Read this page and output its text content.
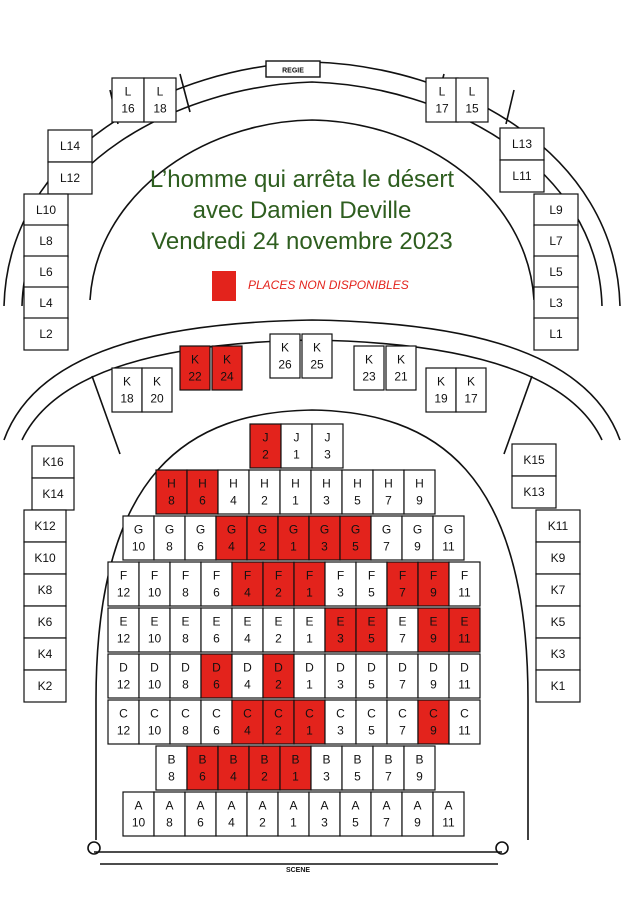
REGIE
SCENE
J
2
J
1
J
3
H
8
H
6
H
4
H
2
H
1
H
3
H
5
H
7
H
9
G
10
G
8
G
6
G
4
G
2
G
1
G
3
G
5
G
7
G
9
G
11
F
12
F
10
F
8
F
6
F
4
F
2
F
1
F
3
F
5
F
7
F
9
F
11
E
12
E
10
E
8
E
6
E
4
E
2
E
1
E
3
E
5
E
7
E
9
E
11
D
12
D
10
D
8
D
6
D
4
D
2
D
1
D
3
D
5
D
7
D
9
D
11
C
12
C
10
C
8
C
6
C
4
C
2
C
1
C
3
C
5
C
7
C
9
C
11
B
8
B
6
B
4
B
2
B
1
B
3
B
5
B
7
B
9
A
10
A
8
A
6
A
4
A
2
A
1
A
3
A
5
A
7
A
9
A
11
K
22
K
24
K
26
K
25	K
23
K
21
K
18
K
20
K
19
K
17
K16
K14
K12
K10
K8
K6
K4
K2
K15
K13
K11
K9
K7
K5
K3
K1
L
16
L
18
L
17
L
15
L14
L12
L10
L8
L6
L4
L2
L13
L11
L9
L7
L5
L3
L1
L’homme qui arrêta le désert
avec Damien Deville
Vendredi 24 novembre 2023
PLACES NON DISPONIBLES
